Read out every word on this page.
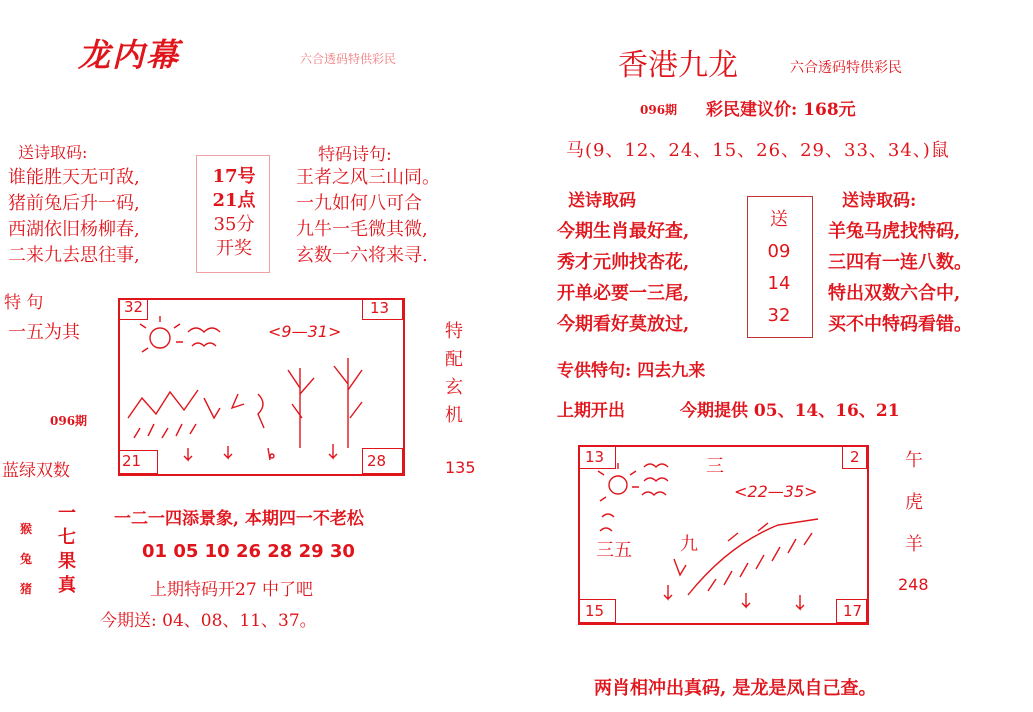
龙内幕	六合透码特供彩民
送诗取码:
谁能胜天无可敌,
猪前兔后升一码,
西湖依旧杨柳春,
二来九去思往事,
17号
21点
35分
开奖
特码诗句:
王者之风三山同。
一九如何八可合
九牛一毛微其微,
玄数一六将来寻.
特 句
一五为其
096期
蓝绿双数
32	13
21	28
<9—31>	特
配
玄
机
135
猴
兔
猪
一
七
果
真
一二一四添景象, 本期四一不老松
01 05 10 26 28 29 30
上期特码开27 中了吧
今期送: 04、08、11、37。
香港九龙	六合透码特供彩民
096期 彩民建议价: 168元
马(9、12、24、15、26、29、33、34、)鼠
送诗取码	送诗取码:
今期生肖最好查,
秀才元帅找杏花,
开单必要一三尾,
今期看好莫放过,
送
09
14
32
羊兔马虎找特码,
三四有一连八数。
特出双数六合中,
买不中特码看错。
专供特句: 四去九来
上期开出	今期提供 05、14、16、21
13	2
15	17
<22—35>
三
三五	九
午
虎
羊
248
两肖相冲出真码, 是龙是凤自己查。
